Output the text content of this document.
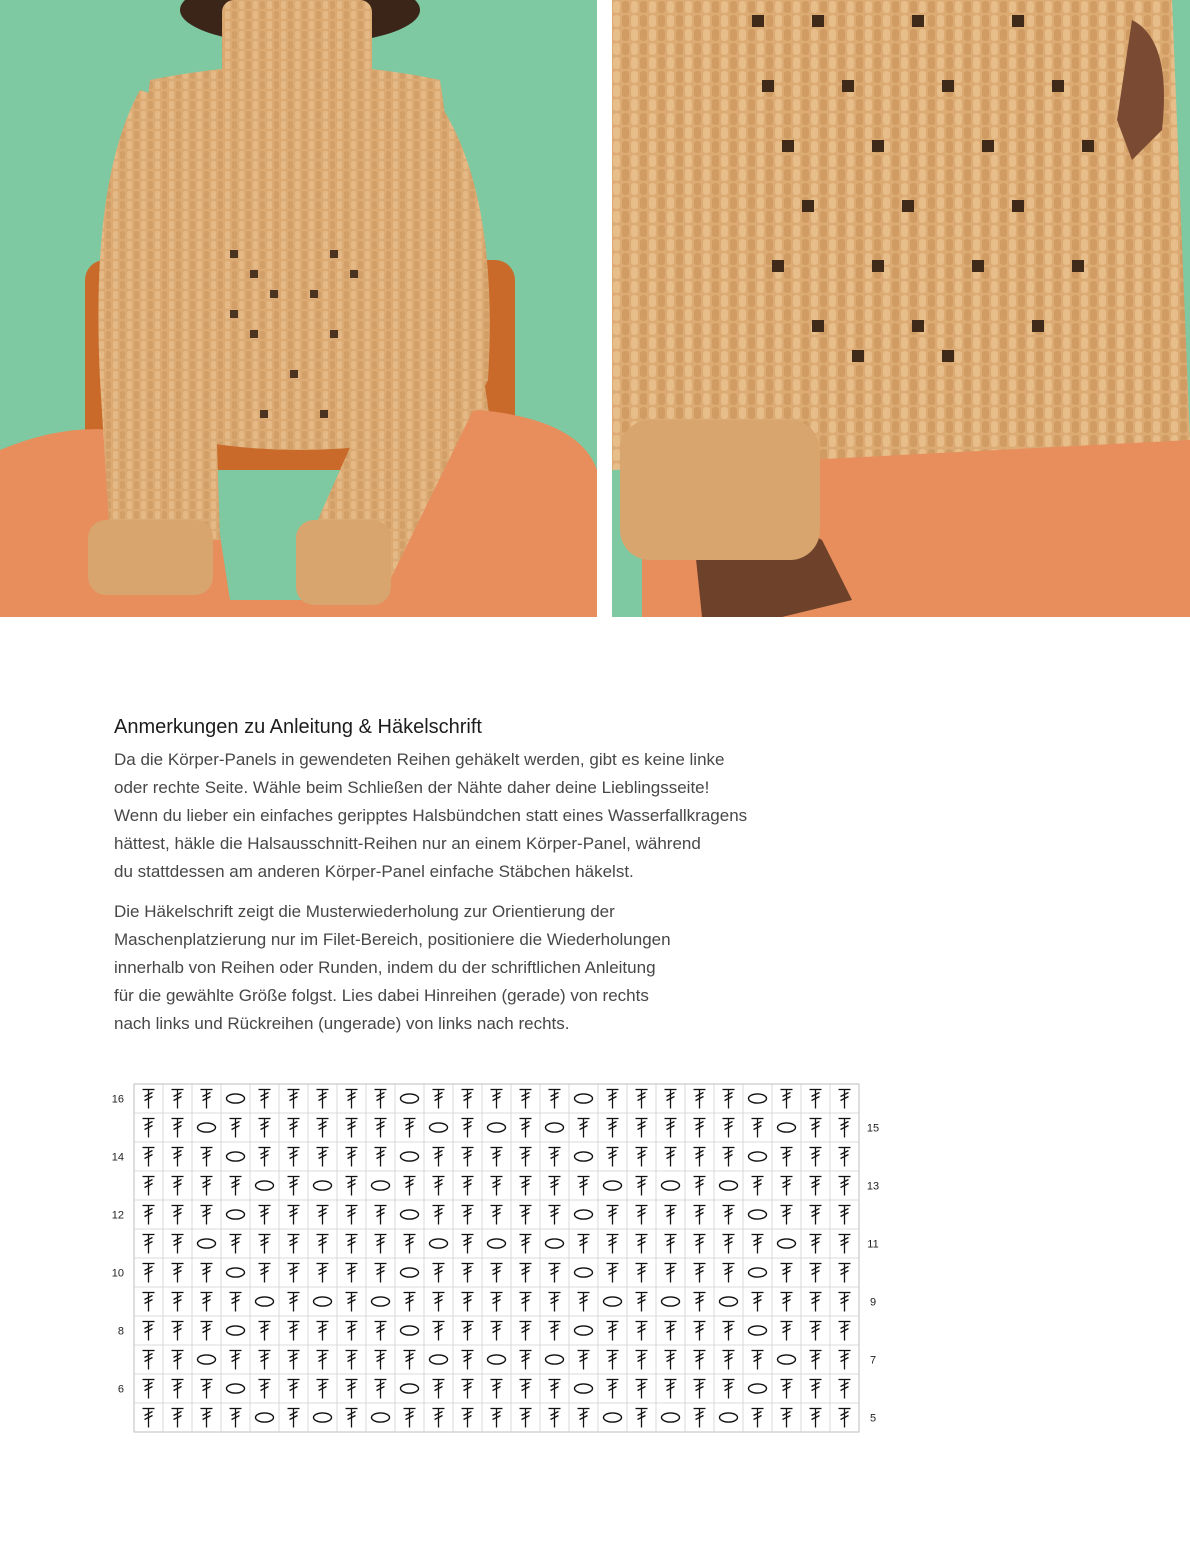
Anmerkungen zu Anleitung & Häkelschrift

Da die Körper-Panels in gewendeten Reihen gehäkelt werden, gibt es keine linke
oder rechte Seite. Wähle beim Schließen der Nähte daher deine Lieblingsseite!
Wenn du lieber ein einfaches geripptes Halsbündchen statt eines Wasserfallkragens
hättest, häkle die Halsausschnitt-Reihen nur an einem Körper-Panel, während
du stattdessen am anderen Körper-Panel einfache Stäbchen häkelst.

Die Häkelschrift zeigt die Musterwiederholung zur Orientierung der
Maschenplatzierung nur im Filet-Bereich, positioniere die Wiederholungen
innerhalb von Reihen oder Runden, indem du der schriftlichen Anleitung
für die gewählte Größe folgst. Lies dabei Hinreihen (gerade) von rechts
nach links und Rückreihen (ungerade) von links nach rechts.

16
15
14
13
12
11
10
9
8
7
6
5
